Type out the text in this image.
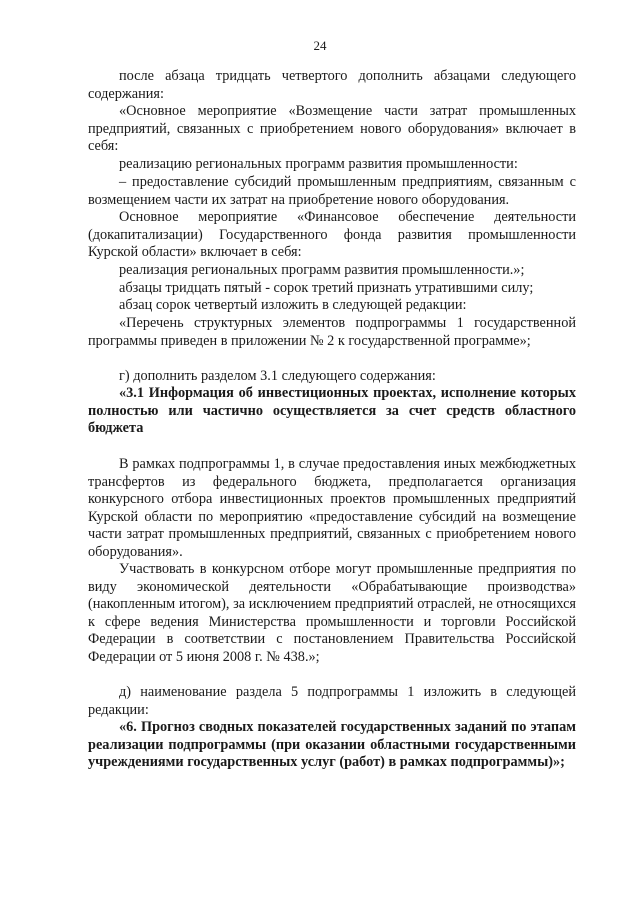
24

после абзаца тридцать четвертого дополнить абзацами следующего содержания:

«Основное мероприятие «Возмещение части затрат промышленных предприятий, связанных с приобретением нового оборудования» включает в себя:

реализацию региональных программ развития промышленности:

– предоставление субсидий промышленным предприятиям, связанным с возмещением части их затрат на приобретение нового оборудования.

Основное мероприятие «Финансовое обеспечение деятельности (докапитализации) Государственного фонда развития промышленности Курской области» включает в себя:

реализация региональных программ развития промышленности.»;

абзацы тридцать пятый - сорок третий признать утратившими силу;

абзац сорок четвертый изложить в следующей редакции:

«Перечень структурных элементов подпрограммы 1 государственной программы приведен в приложении № 2 к государственной программе»;

г) дополнить разделом 3.1 следующего содержания:

«3.1 Информация об инвестиционных проектах, исполнение которых полностью или частично осуществляется за счет средств областного бюджета

В рамках подпрограммы 1, в случае предоставления иных межбюджетных трансфертов из федерального бюджета, предполагается организация конкурсного отбора инвестиционных проектов промышленных предприятий Курской области по мероприятию «предоставление субсидий на возмещение части затрат промышленных предприятий, связанных с приобретением нового оборудования».

Участвовать в конкурсном отборе могут промышленные предприятия по виду экономической деятельности «Обрабатывающие производства» (накопленным итогом), за исключением предприятий отраслей, не относящихся к сфере ведения Министерства промышленности и торговли Российской Федерации в соответствии с постановлением Правительства Российской Федерации от 5 июня 2008 г. № 438.»;

д) наименование раздела 5 подпрограммы 1 изложить в следующей редакции:

«6. Прогноз сводных показателей государственных заданий по этапам реализации подпрограммы (при оказании областными государственными учреждениями государственных услуг (работ) в рамках подпрограммы)»;
